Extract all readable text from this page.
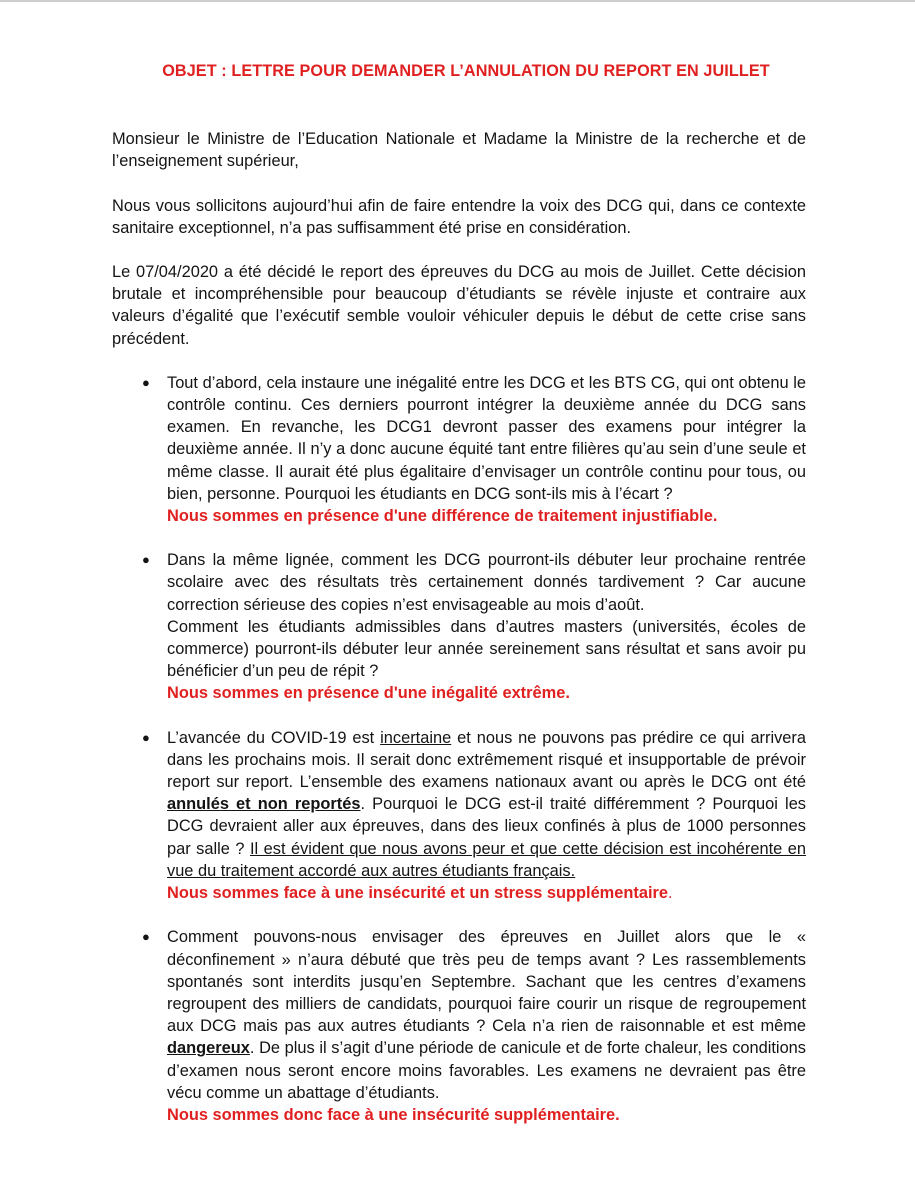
OBJET : LETTRE POUR DEMANDER L’ANNULATION DU REPORT EN JUILLET

Monsieur le Ministre de l’Education Nationale et Madame la Ministre de la recherche et de l’enseignement supérieur,

Nous vous sollicitons aujourd’hui afin de faire entendre la voix des DCG qui, dans ce contexte sanitaire exceptionnel, n’a pas suffisamment été prise en considération.

Le 07/04/2020 a été décidé le report des épreuves du DCG au mois de Juillet. Cette décision brutale et incompréhensible pour beaucoup d’étudiants se révèle injuste et contraire aux valeurs d’égalité que l’exécutif semble vouloir véhiculer depuis le début de cette crise sans précédent.

● Tout d’abord, cela instaure une inégalité entre les DCG et les BTS CG, qui ont obtenu le contrôle continu. Ces derniers pourront intégrer la deuxième année du DCG sans examen. En revanche, les DCG1 devront passer des examens pour intégrer la deuxième année. Il n’y a donc aucune équité tant entre filières qu’au sein d’une seule et même classe. Il aurait été plus égalitaire d’envisager un contrôle continu pour tous, ou bien, personne. Pourquoi les étudiants en DCG sont-ils mis à l’écart ?

Nous sommes en présence d'une différence de traitement injustifiable.

● Dans la même lignée, comment les DCG pourront-ils débuter leur prochaine rentrée scolaire avec des résultats très certainement donnés tardivement ? Car aucune correction sérieuse des copies n’est envisageable au mois d’août.

Comment les étudiants admissibles dans d’autres masters (universités, écoles de commerce) pourront-ils débuter leur année sereinement sans résultat et sans avoir pu bénéficier d’un peu de répit ?

Nous sommes en présence d'une inégalité extrême.

● L’avancée du COVID-19 est incertaine et nous ne pouvons pas prédire ce qui arrivera dans les prochains mois. Il serait donc extrêmement risqué et insupportable de prévoir report sur report. L’ensemble des examens nationaux avant ou après le DCG ont été annulés et non reportés. Pourquoi le DCG est-il traité différemment ? Pourquoi les DCG devraient aller aux épreuves, dans des lieux confinés à plus de 1000 personnes par salle ? Il est évident que nous avons peur et que cette décision est incohérente en vue du traitement accordé aux autres étudiants français.

Nous sommes face à une insécurité et un stress supplémentaire.

● Comment pouvons-nous envisager des épreuves en Juillet alors que le « déconfinement » n’aura débuté que très peu de temps avant ? Les rassemblements spontanés sont interdits jusqu’en Septembre. Sachant que les centres d’examens regroupent des milliers de candidats, pourquoi faire courir un risque de regroupement aux DCG mais pas aux autres étudiants ? Cela n’a rien de raisonnable et est même dangereux. De plus il s’agit d’une période de canicule et de forte chaleur, les conditions d’examen nous seront encore moins favorables. Les examens ne devraient pas être vécu comme un abattage d’étudiants.

Nous sommes donc face à une insécurité supplémentaire.
